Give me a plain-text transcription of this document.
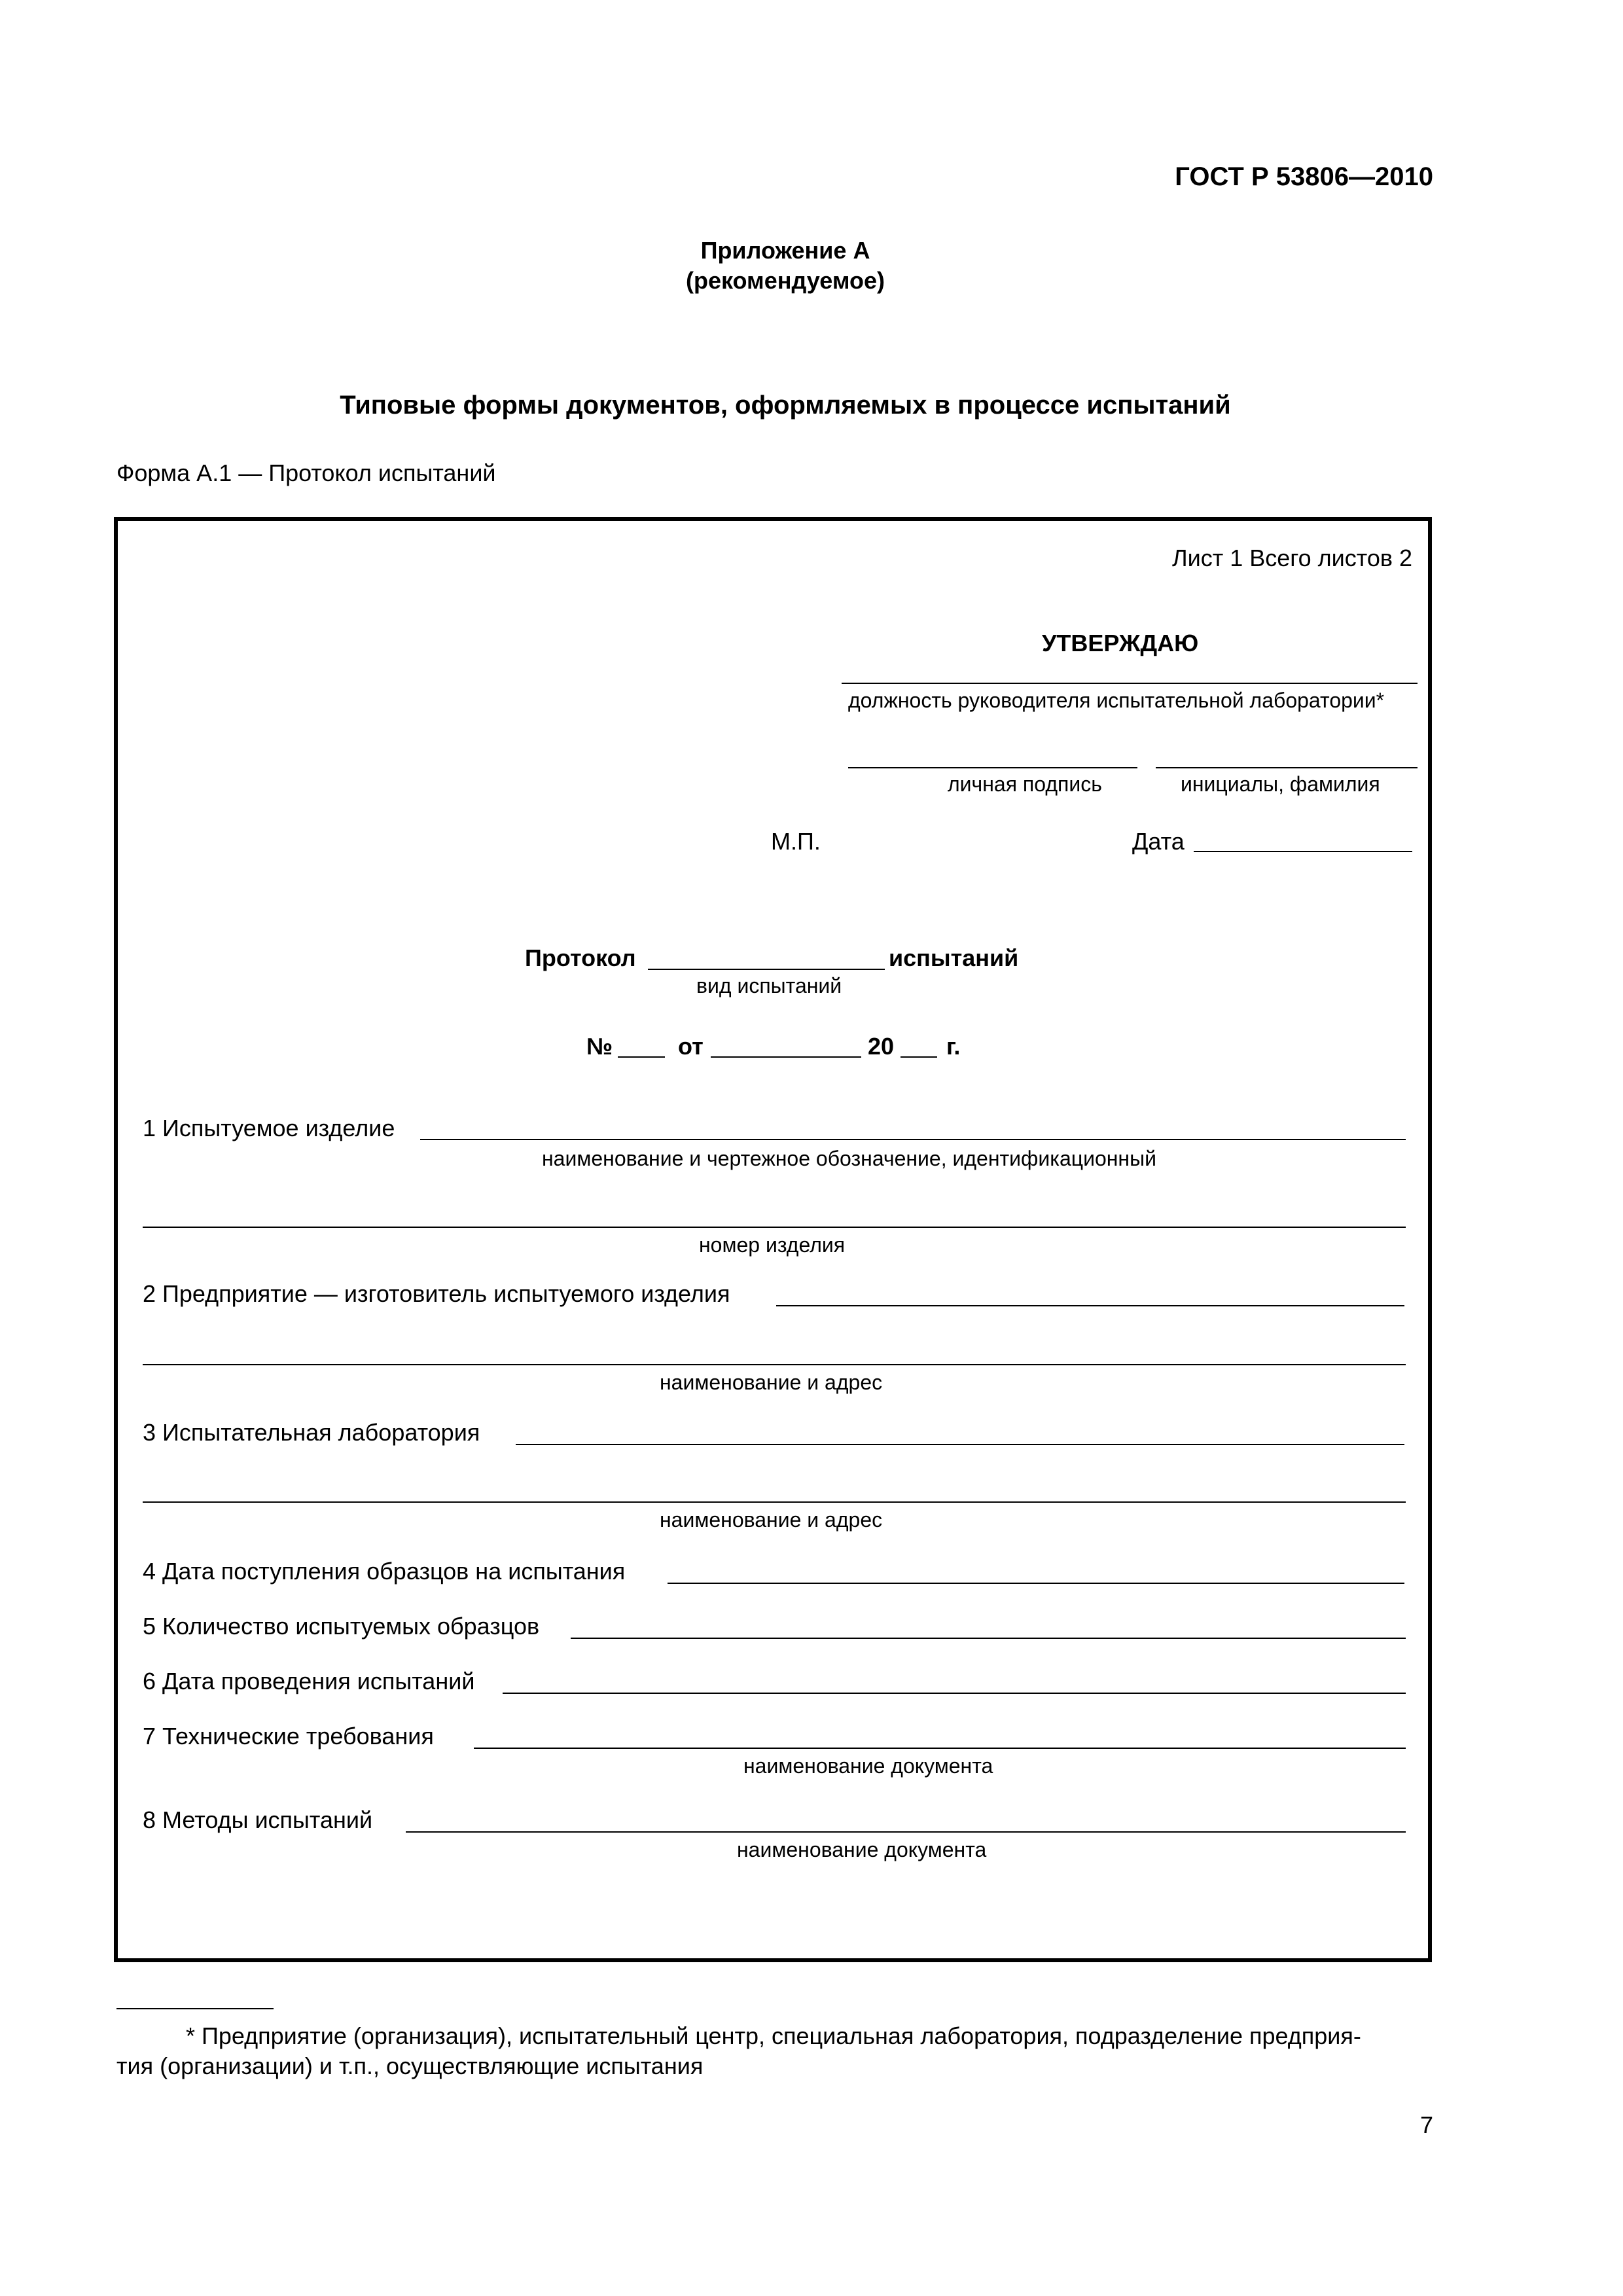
ГОСТ Р 53806—2010
Приложение А
(рекомендуемое)
Типовые формы документов, оформляемых в процессе испытаний
Форма А.1 — Протокол испытаний
Лист 1 Всего листов 2
УТВЕРЖДАЮ
должность руководителя испытательной лаборатории*
личная подпись	инициалы, фамилия
М.П.	Дата
Протокол	испытаний
вид испытаний
№	от	20 г.
1 Испытуемое изделие
наименование и чертежное обозначение, идентификационный
номер изделия
2 Предприятие — изготовитель испытуемого изделия
наименование и адрес
3 Испытательная лаборатория
наименование и адрес
4 Дата поступления образцов на испытания
5 Количество испытуемых образцов
6 Дата проведения испытаний
7 Технические требования
наименование документа
8 Методы испытаний
наименование документа
* Предприятие (организация), испытательный центр, специальная лаборатория, подразделение предприя-
тия (организации) и т.п., осуществляющие испытания
7
